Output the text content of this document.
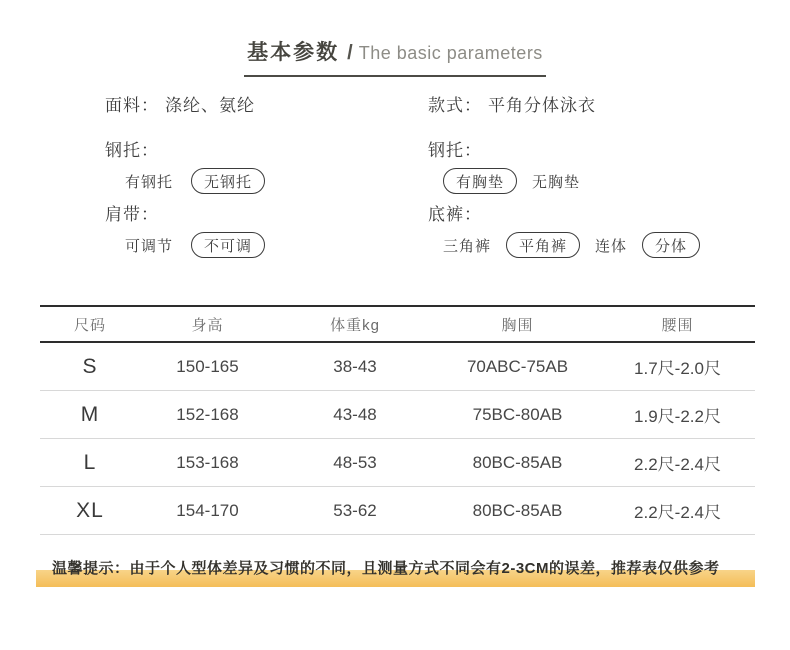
基本参数 / The basic parameters
面料： 涤纶、氨纶
钢托：
有钢托	无钢托
肩带：
可调节	不可调
款式： 平角分体泳衣
钢托：
有胸垫	无胸垫
底裤：
三角裤	平角裤	连体	分体
尺码	身高	体重kg	胸围	腰围
S	150-165	38-43	70ABC-75AB	1.7尺-2.0尺
M	152-168	43-48	75BC-80AB	1.9尺-2.2尺
L	153-168	48-53	80BC-85AB	2.2尺-2.4尺
XL	154-170	53-62	80BC-85AB	2.2尺-2.4尺
温馨提示：由于个人型体差异及习惯的不同，且测量方式不同会有2-3CM的误差，推荐表仅供参考
